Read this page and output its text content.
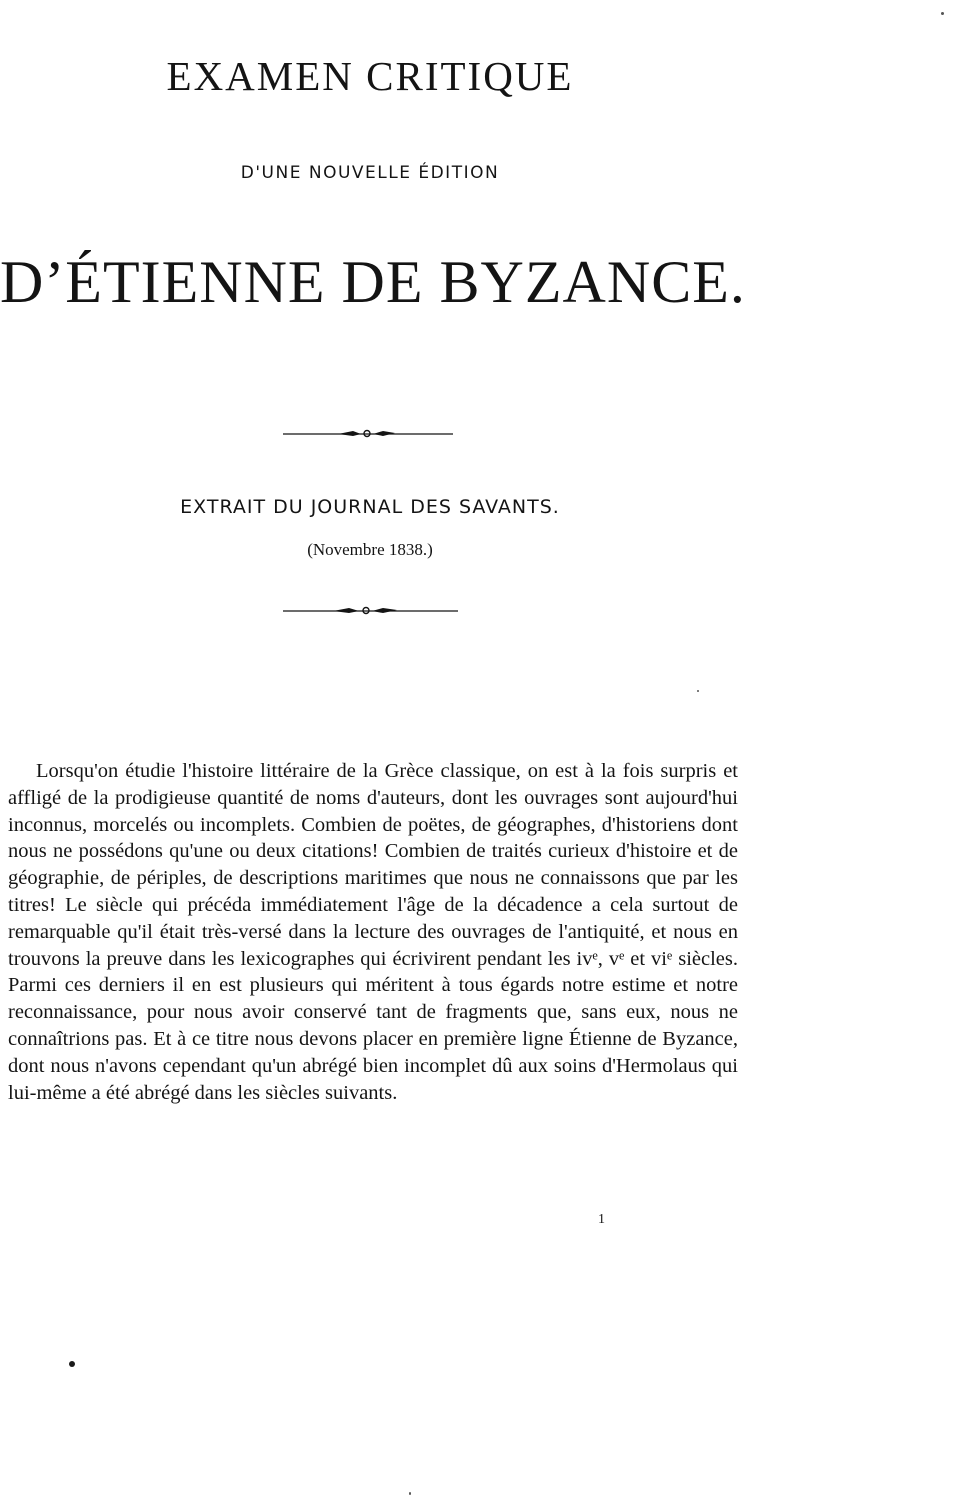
EXAMEN CRITIQUE

D'UNE NOUVELLE ÉDITION

D’ÉTIENNE DE BYZANCE.

EXTRAIT DU JOURNAL DES SAVANTS.

(Novembre 1838.)

Lorsqu'on étudie l'histoire littéraire de la Grèce classique, on est à la fois surpris et affligé de la prodigieuse quantité de noms d'auteurs, dont les ouvrages sont aujourd'hui inconnus, morcelés ou incomplets. Combien de poëtes, de géographes, d'historiens dont nous ne possédons qu'une ou deux citations! Combien de traités curieux d'histoire et de géographie, de périples, de descriptions maritimes que nous ne connaissons que par les titres! Le siècle qui précéda immédiatement l'âge de la décadence a cela surtout de remarquable qu'il était très-versé dans la lecture des ouvrages de l'antiquité, et nous en trouvons la preuve dans les lexicographes qui écrivirent pendant les ivᵉ, vᵉ et viᵉ siècles. Parmi ces derniers il en est plusieurs qui méritent à tous égards notre estime et notre reconnaissance, pour nous avoir conservé tant de fragments que, sans eux, nous ne connaîtrions pas. Et à ce titre nous devons placer en première ligne Étienne de Byzance, dont nous n'avons cependant qu'un abrégé bien incomplet dû aux soins d'Hermolaus qui lui-même a été abrégé dans les siècles suivants.

1
